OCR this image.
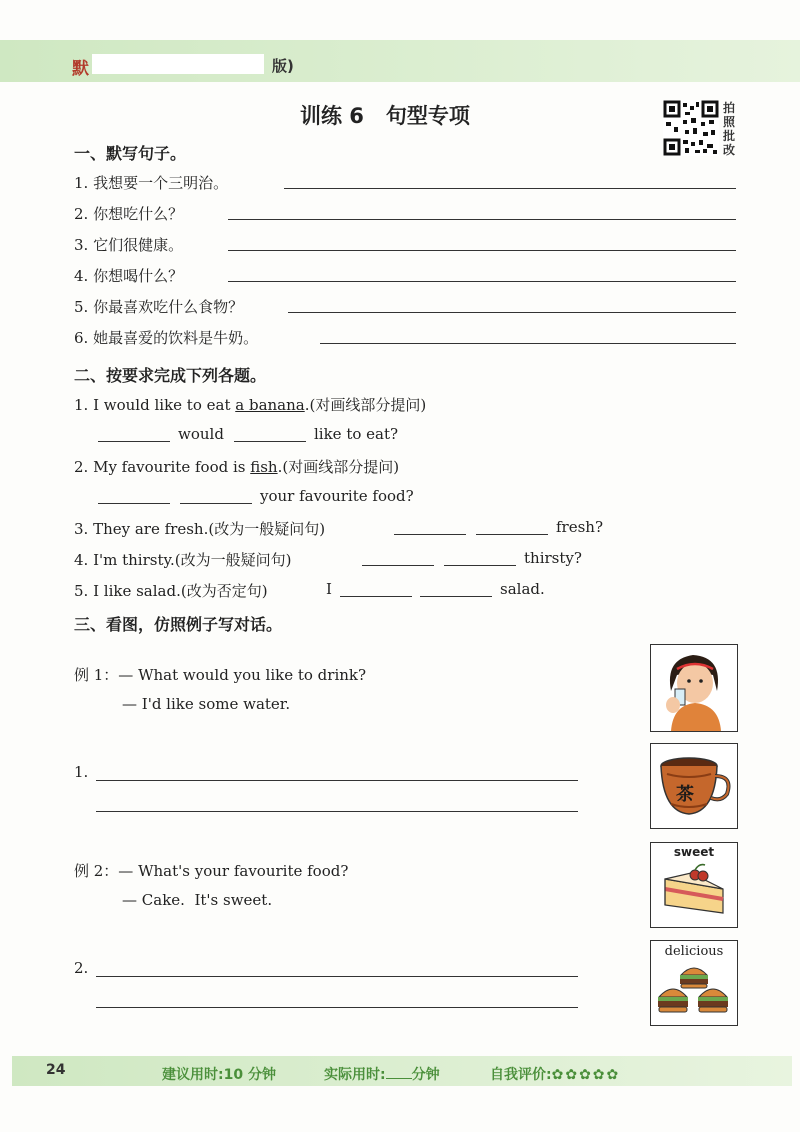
默	版)
训练 6   句型专项	拍
照
批
改
一、默写句子。
1. 我想要一个三明治。
2. 你想吃什么？
3. 它们很健康。
4. 你想喝什么？
5. 你最喜欢吃什么食物？
6. 她最喜爱的饮料是牛奶。
二、按要求完成下列各题。
1. I would like to eat a banana.(对画线部分提问)
would	like to eat?
2. My favourite food is fish.(对画线部分提问)
your favourite food?
3. They are fresh.(改为一般疑问句)	fresh?
4. I'm thirsty.(改为一般疑问句)	thirsty?
5. I like salad.(改为否定句)	I	salad.
三、看图，仿照例子写对话。
例 1：— What would you like to drink?
— I'd like some water.
1.
例 2：— What's your favourite food?
— Cake.  It's sweet.
2.
茶
sweet
delicious
24	建议用时:10 分钟	实际用时: 分钟	自我评价:✿✿✿✿✿
